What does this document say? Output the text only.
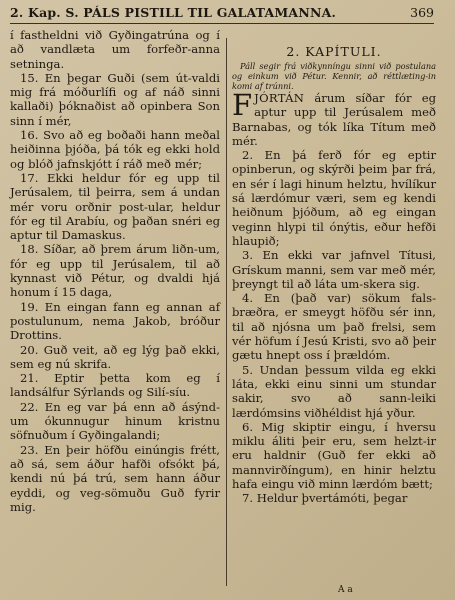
2. Kap. S. PÁLS PISTILL TIL GALATAMANNA.	369

í fastheldni við Gyðingatrúna og í að vandlæta um forfeðr-anna setninga.

15. En þegar Guði (sem út-valdi mig frá móðurlífi og af náð sinni kallaði) þóknaðist að opinbera Son sinn í mér,

16. Svo að eg boðaði hann meðal heiðinna þjóða, þá tók eg ekki hold og blóð jafnskjótt í ráð með mér;

17. Ekki heldur fór eg upp til Jerúsalem, til þeirra, sem á undan mér voru orðnir post-ular, heldur fór eg til Arabíu, og þaðan snéri eg aptur til Damaskus.

18. Síðar, að þrem árum liðn-um, fór eg upp til Jerúsalem, til að kynnast við Pétur, og dvaldi hjá honum í 15 daga,

19. En eingan fann eg annan af postulunum, nema Jakob, bróður Drottins.

20. Guð veit, að eg lýg það ekki, sem eg nú skrifa.

21. Eptir þetta kom eg í landsálfur Sýrlands og Silí-síu.

22. En eg var þá enn að ásýnd-um ókunnugur hinum kristnu söfnuðum í Gyðingalandi;

23. En þeir höfðu einúngis frétt, að sá, sem áður hafði ofsókt þá, kendi nú þá trú, sem hann áður eyddi, og veg-sömuðu Guð fyrir mig.

2. KAPÍTULI.

Páll segir frá viðkynníngu sinni við postulana og einkum við Pétur. Kennir, að réttlæting-in komi af trúnni.

FJÓRTÁN árum síðar fór eg aptur upp til Jerúsalem með Barnabas, og tók líka Títum með mér.

2. En þá ferð fór eg eptir opinberun, og skýrði þeim þar frá, en sér í lagi hinum helztu, hvílíkur sá lærdómur væri, sem eg kendi heiðnum þjóðum, að eg eingan veginn hlypi til ónýtis, eður hefði hlaupið;

3. En ekki var jafnvel Títusi, Grískum manni, sem var með mér, þreyngt til að láta um-skera sig.

4. En (það var) sökum fals-bræðra, er smeygt höfðu sér inn, til að njósna um það frelsi, sem vér höfum í Jesú Kristi, svo að þeir gætu hnept oss í þrældóm.

5. Undan þessum vilda eg ekki láta, ekki einu sinni um stundar sakir, svo að sann-leiki lærdómsins viðhéldist hjá yður.

6. Mig skiptir eingu, í hversu miklu áliti þeir eru, sem helzt-ir eru haldnir (Guð fer ekki að mannvirðíngum), en hinir helztu hafa eingu við minn lærdóm bætt;

7. Heldur þvertámóti, þegar

A a
